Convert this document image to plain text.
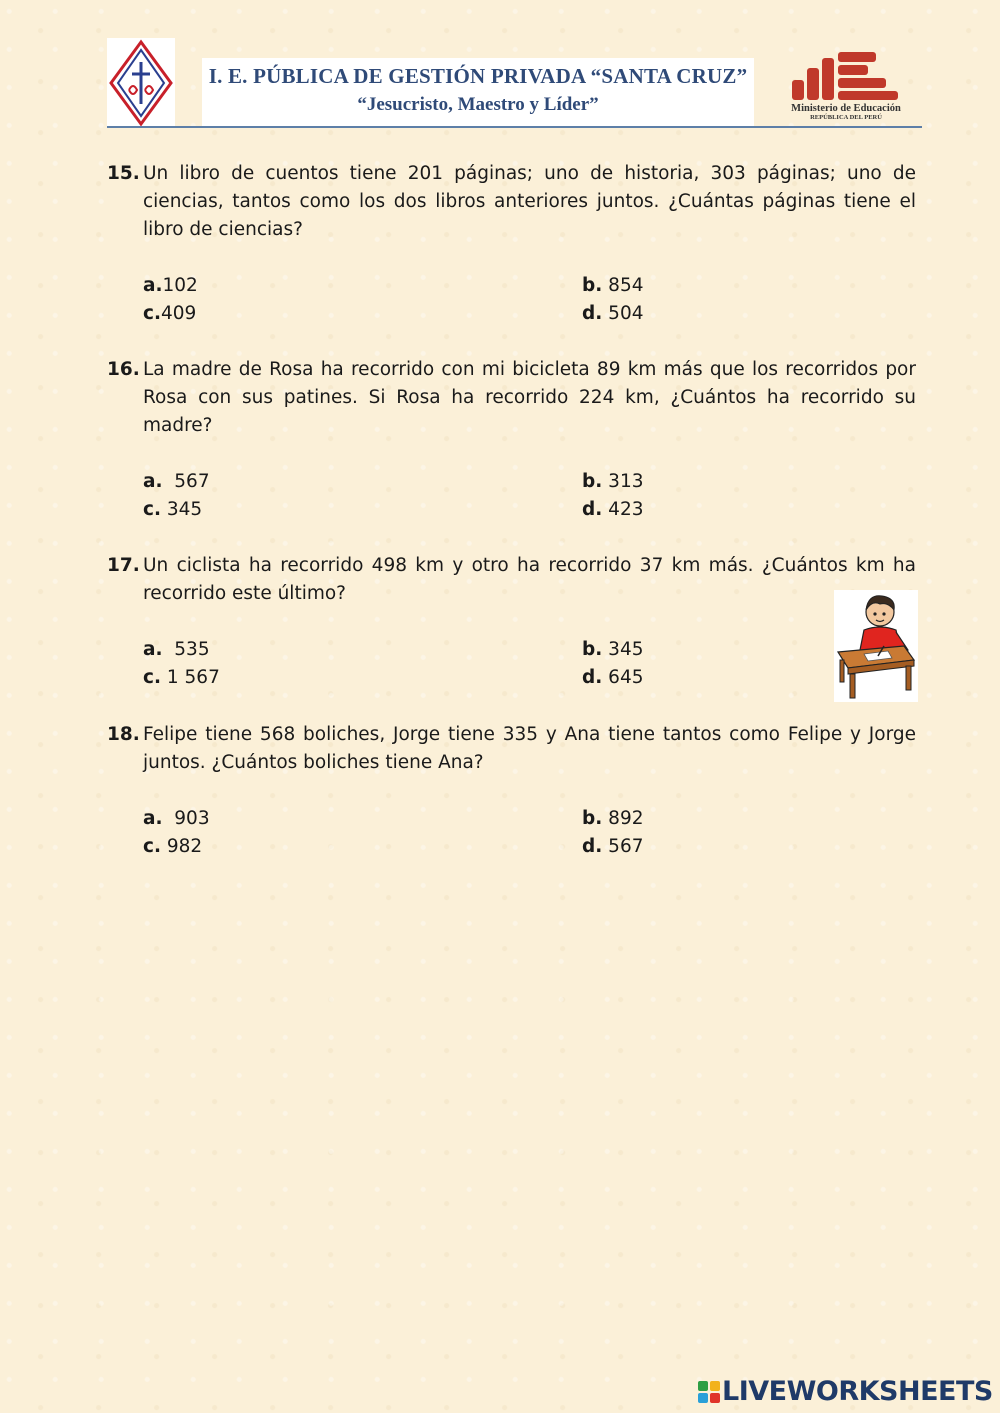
I. E. PÚBLICA DE GESTIÓN PRIVADA “SANTA CRUZ”
“Jesucristo, Maestro y Líder”	Ministerio de Educación
REPÚBLICA DEL PERÚ
15. Un libro de cuentos tiene 201 páginas; uno de historia, 303 páginas; uno de ciencias, tantos como los dos libros anteriores juntos. ¿Cuántas páginas tiene el libro de ciencias?
a.102	b. 854
c.409	d. 504
16. La madre de Rosa ha recorrido con mi bicicleta 89 km más que los recorridos por Rosa con sus patines. Si Rosa ha recorrido 224 km, ¿Cuántos ha recorrido su madre?
a. 567	b. 313
c. 345	d. 423
17. Un ciclista ha recorrido 498 km y otro ha recorrido 37 km más. ¿Cuántos km ha recorrido este último?
a. 535	b. 345
c. 1 567	d. 645
18. Felipe tiene 568 boliches, Jorge tiene 335 y Ana tiene tantos como Felipe y Jorge juntos. ¿Cuántos boliches tiene Ana?
a. 903	b. 892
c. 982	d. 567
LIVEWORKSHEETS
